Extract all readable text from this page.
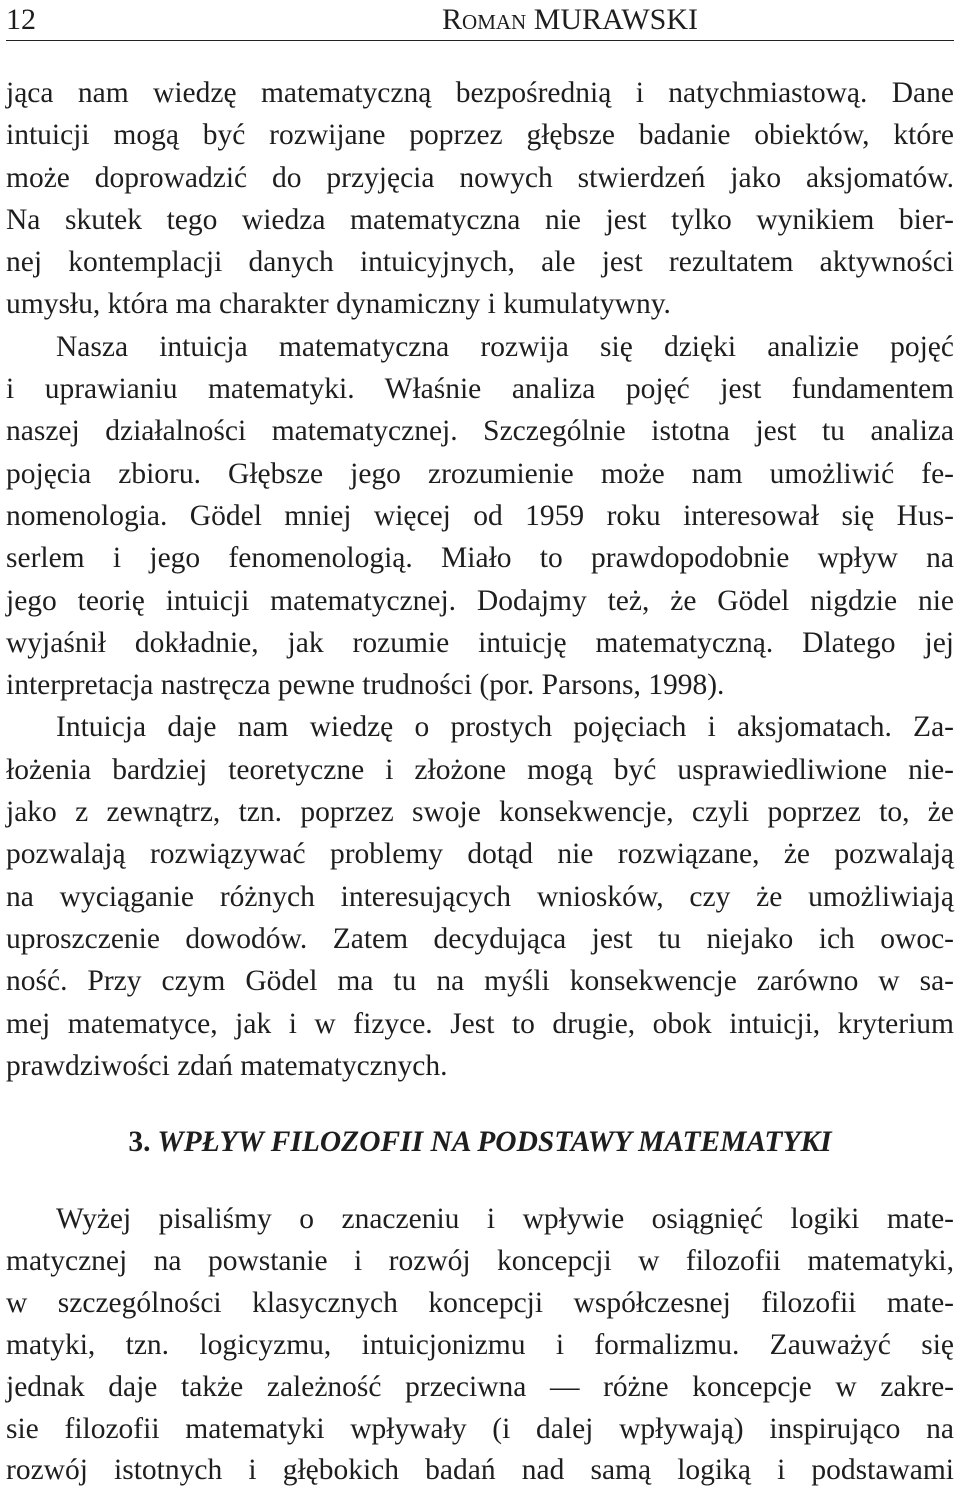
12	Roman MURAWSKI
jąca nam wiedzę matematyczną bezpośrednią i natychmiastową. Dane
intuicji mogą być rozwijane poprzez głębsze badanie obiektów, które
może doprowadzić do przyjęcia nowych stwierdzeń jako aksjomatów.
Na skutek tego wiedza matematyczna nie jest tylko wynikiem bier-
nej kontemplacji danych intuicyjnych, ale jest rezultatem aktywności
umysłu, która ma charakter dynamiczny i kumulatywny.
Nasza intuicja matematyczna rozwija się dzięki analizie pojęć
i uprawianiu matematyki. Właśnie analiza pojęć jest fundamentem
naszej działalności matematycznej. Szczególnie istotna jest tu analiza
pojęcia zbioru. Głębsze jego zrozumienie może nam umożliwić fe-
nomenologia. Gödel mniej więcej od 1959 roku interesował się Hus-
serlem i jego fenomenologią. Miało to prawdopodobnie wpływ na
jego teorię intuicji matematycznej. Dodajmy też, że Gödel nigdzie nie
wyjaśnił dokładnie, jak rozumie intuicję matematyczną. Dlatego jej
interpretacja nastręcza pewne trudności (por. Parsons, 1998).
Intuicja daje nam wiedzę o prostych pojęciach i aksjomatach. Za-
łożenia bardziej teoretyczne i złożone mogą być usprawiedliwione nie-
jako z zewnątrz, tzn. poprzez swoje konsekwencje, czyli poprzez to, że
pozwalają rozwiązywać problemy dotąd nie rozwiązane, że pozwalają
na wyciąganie różnych interesujących wniosków, czy że umożliwiają
uproszczenie dowodów. Zatem decydująca jest tu niejako ich owoc-
ność. Przy czym Gödel ma tu na myśli konsekwencje zarówno w sa-
mej matematyce, jak i w fizyce. Jest to drugie, obok intuicji, kryterium
prawdziwości zdań matematycznych.
3. WPŁYW FILOZOFII NA PODSTAWY MATEMATYKI
Wyżej pisaliśmy o znaczeniu i wpływie osiągnięć logiki mate-
matycznej na powstanie i rozwój koncepcji w filozofii matematyki,
w szczególności klasycznych koncepcji współczesnej filozofii mate-
matyki, tzn. logicyzmu, intuicjonizmu i formalizmu. Zauważyć się
jednak daje także zależność przeciwna — różne koncepcje w zakre-
sie filozofii matematyki wpływały (i dalej wpływają) inspirująco na
rozwój istotnych i głębokich badań nad samą logiką i podstawami
